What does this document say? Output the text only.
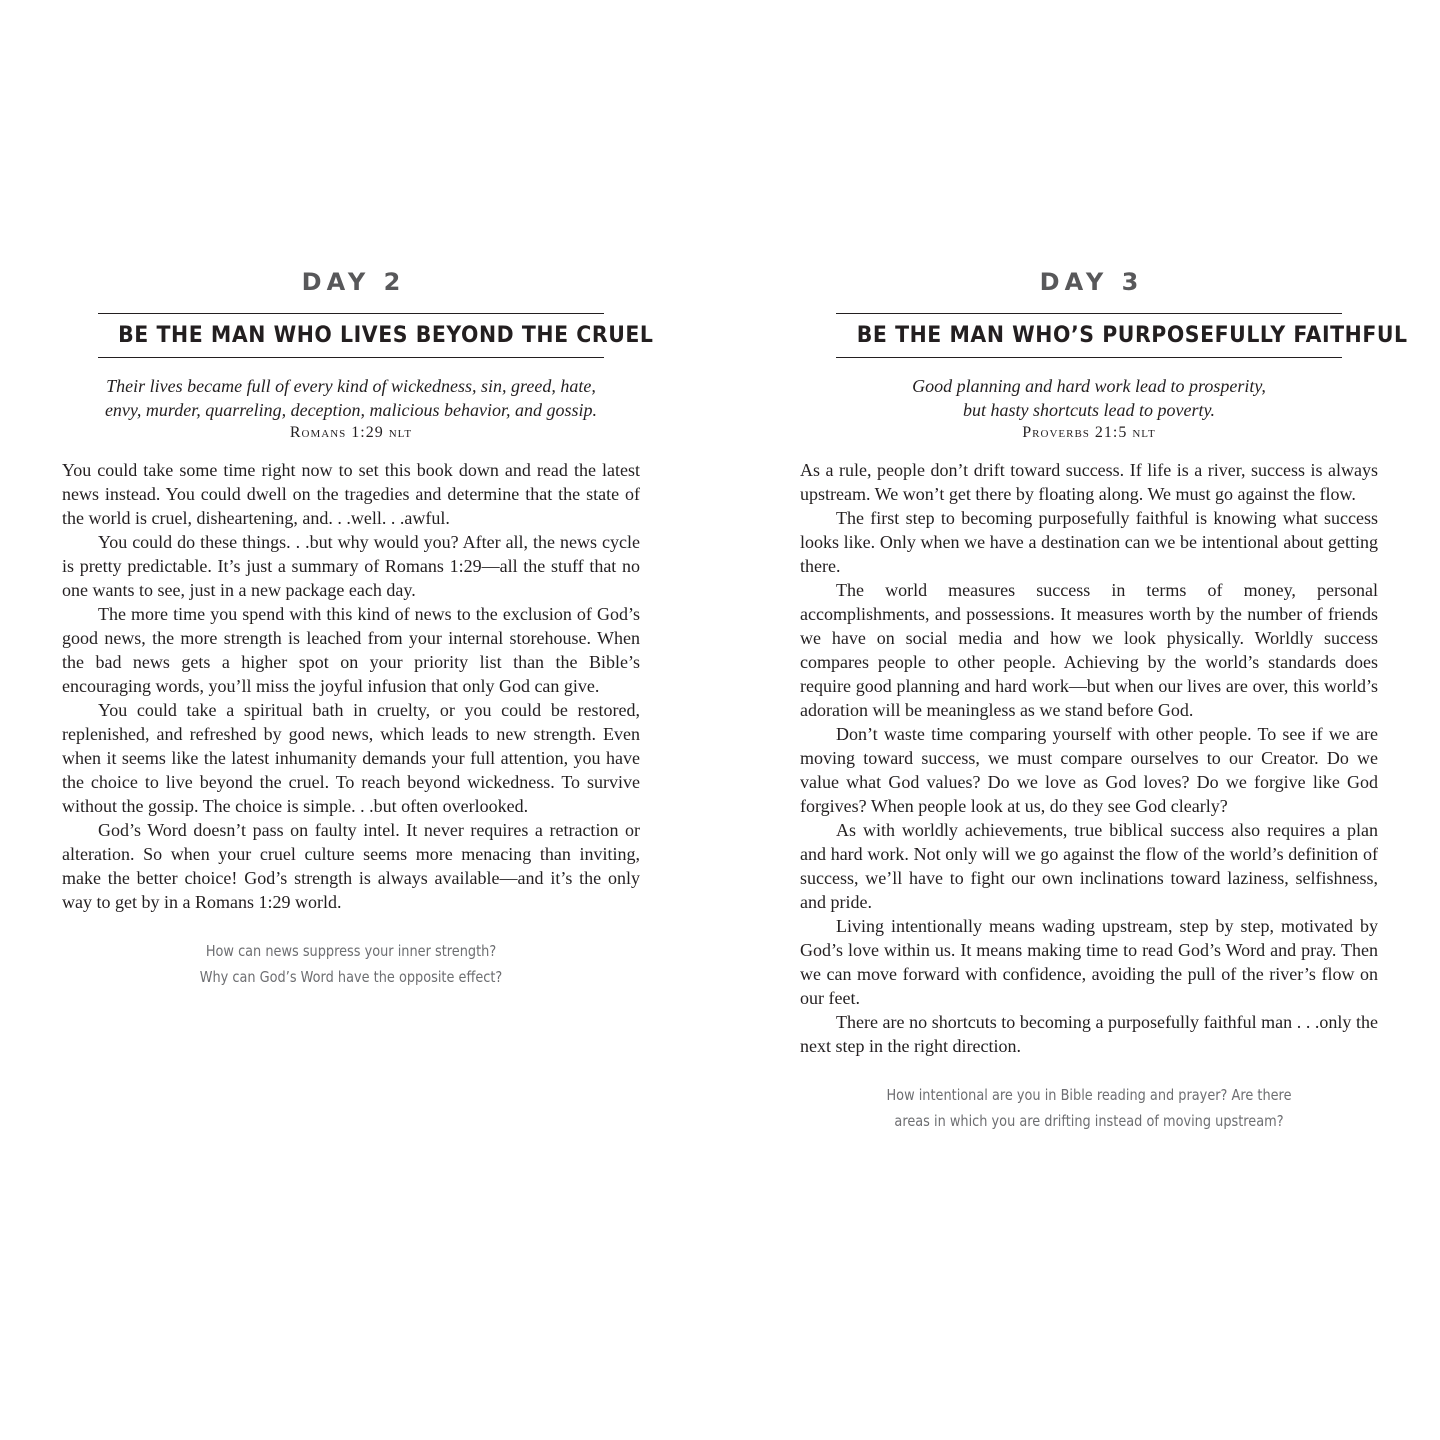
DAY 2
BE THE MAN WHO LIVES BEYOND THE CRUEL
Their lives became full of every kind of wickedness, sin, greed, hate,
envy, murder, quarreling, deception, malicious behavior, and gossip.
Romans 1:29 nlt

You could take some time right now to set this book down and read the latest news instead. You could dwell on the tragedies and determine that the state of the world is cruel, disheartening, and. . .well. . .awful.

You could do these things. . .but why would you? After all, the news cycle is pretty predictable. It’s just a summary of Romans 1:29—all the stuff that no one wants to see, just in a new package each day.

The more time you spend with this kind of news to the exclusion of God’s good news, the more strength is leached from your internal storehouse. When the bad news gets a higher spot on your priority list than the Bible’s encouraging words, you’ll miss the joyful infusion that only God can give.

You could take a spiritual bath in cruelty, or you could be restored, replenished, and refreshed by good news, which leads to new strength. Even when it seems like the latest inhumanity demands your full attention, you have the choice to live beyond the cruel. To reach beyond wickedness. To survive without the gossip. The choice is simple. . .but often overlooked.

God’s Word doesn’t pass on faulty intel. It never requires a retraction or alteration. So when your cruel culture seems more menacing than inviting, make the better choice! God’s strength is always available—and it’s the only way to get by in a Romans 1:29 world.

How can news suppress your inner strength?
Why can God’s Word have the opposite effect?
DAY 3
BE THE MAN WHO’S PURPOSEFULLY FAITHFUL
Good planning and hard work lead to prosperity,
but hasty shortcuts lead to poverty.
Proverbs 21:5 nlt

As a rule, people don’t drift toward success. If life is a river, success is always upstream. We won’t get there by floating along. We must go against the flow.

The first step to becoming purposefully faithful is knowing what success looks like. Only when we have a destination can we be intentional about getting there.

The world measures success in terms of money, personal accomplishments, and possessions. It measures worth by the number of friends we have on social media and how we look physically. Worldly success compares people to other people. Achieving by the world’s standards does require good planning and hard work—but when our lives are over, this world’s adoration will be meaningless as we stand before God.

Don’t waste time comparing yourself with other people. To see if we are moving toward success, we must compare ourselves to our Creator. Do we value what God values? Do we love as God loves? Do we forgive like God forgives? When people look at us, do they see God clearly?

As with worldly achievements, true biblical success also requires a plan and hard work. Not only will we go against the flow of the world’s definition of success, we’ll have to fight our own inclinations toward laziness, selfishness, and pride.

Living intentionally means wading upstream, step by step, motivated by God’s love within us. It means making time to read God’s Word and pray. Then we can move forward with confidence, avoiding the pull of the river’s flow on our feet.

There are no shortcuts to becoming a purposefully faithful man . . .only the next step in the right direction.

How intentional are you in Bible reading and prayer? Are there
areas in which you are drifting instead of moving upstream?
